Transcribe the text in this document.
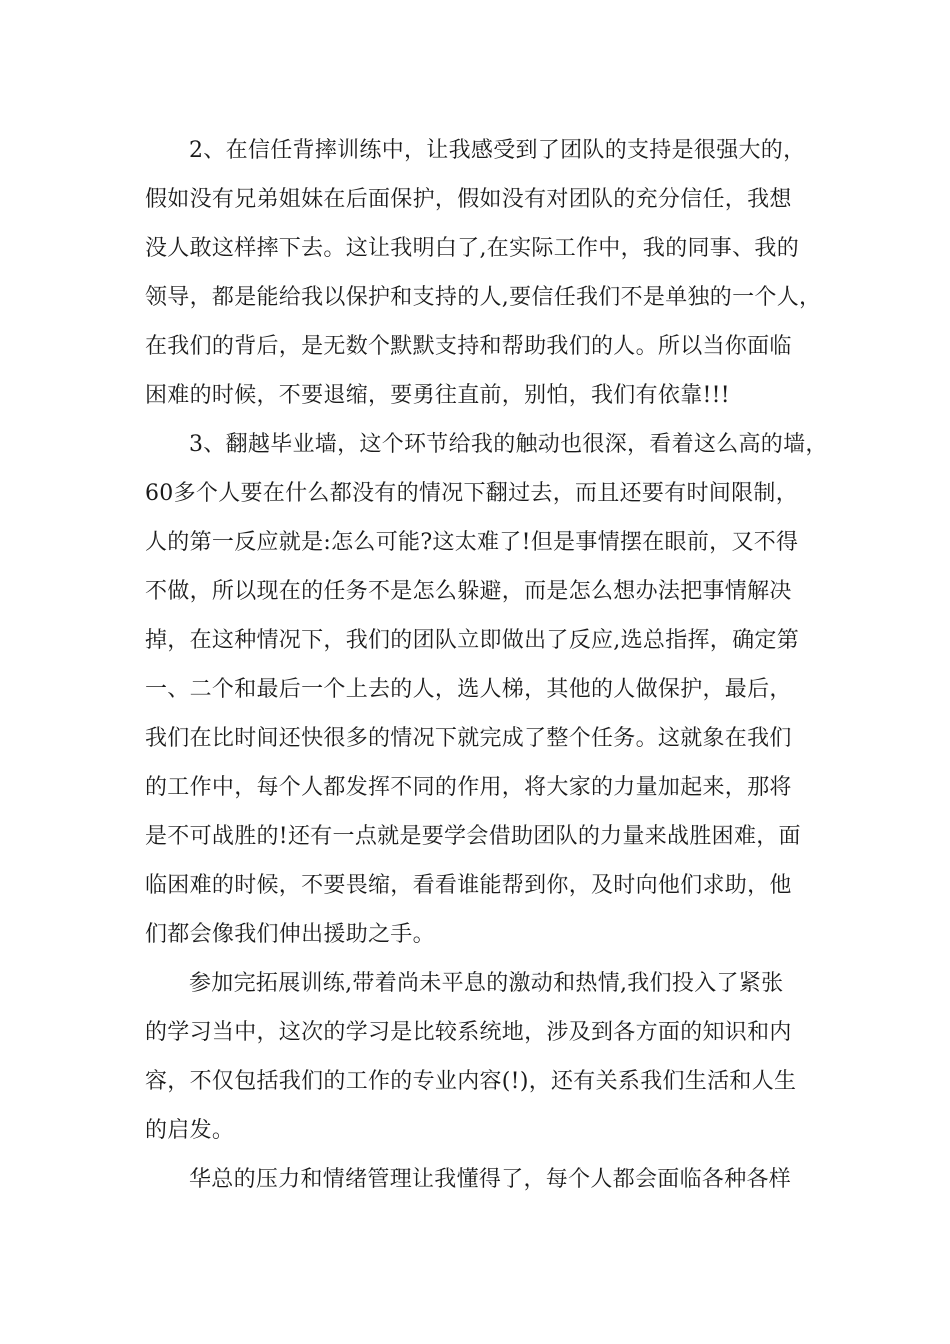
2、在信任背摔训练中，让我感受到了团队的支持是很强大的，
假如没有兄弟姐妹在后面保护，假如没有对团队的充分信任，我想
没人敢这样摔下去。这让我明白了,在实际工作中，我的同事、我的
领导，都是能给我以保护和支持的人,要信任我们不是单独的一个人，
在我们的背后，是无数个默默支持和帮助我们的人。所以当你面临
困难的时候，不要退缩，要勇往直前，别怕，我们有依靠!!!
3、翻越毕业墙，这个环节给我的触动也很深，看着这么高的墙，
60多个人要在什么都没有的情况下翻过去，而且还要有时间限制，
人的第一反应就是:怎么可能?这太难了!但是事情摆在眼前，又不得
不做，所以现在的任务不是怎么躲避，而是怎么想办法把事情解决
掉，在这种情况下，我们的团队立即做出了反应,选总指挥，确定第
一、二个和最后一个上去的人，选人梯，其他的人做保护，最后，
我们在比时间还快很多的情况下就完成了整个任务。这就象在我们
的工作中，每个人都发挥不同的作用，将大家的力量加起来，那将
是不可战胜的!还有一点就是要学会借助团队的力量来战胜困难，面
临困难的时候，不要畏缩，看看谁能帮到你，及时向他们求助，他
们都会像我们伸出援助之手。
参加完拓展训练,带着尚未平息的激动和热情,我们投入了紧张
的学习当中，这次的学习是比较系统地，涉及到各方面的知识和内
容，不仅包括我们的工作的专业内容(!)，还有关系我们生活和人生
的启发。
华总的压力和情绪管理让我懂得了，每个人都会面临各种各样
